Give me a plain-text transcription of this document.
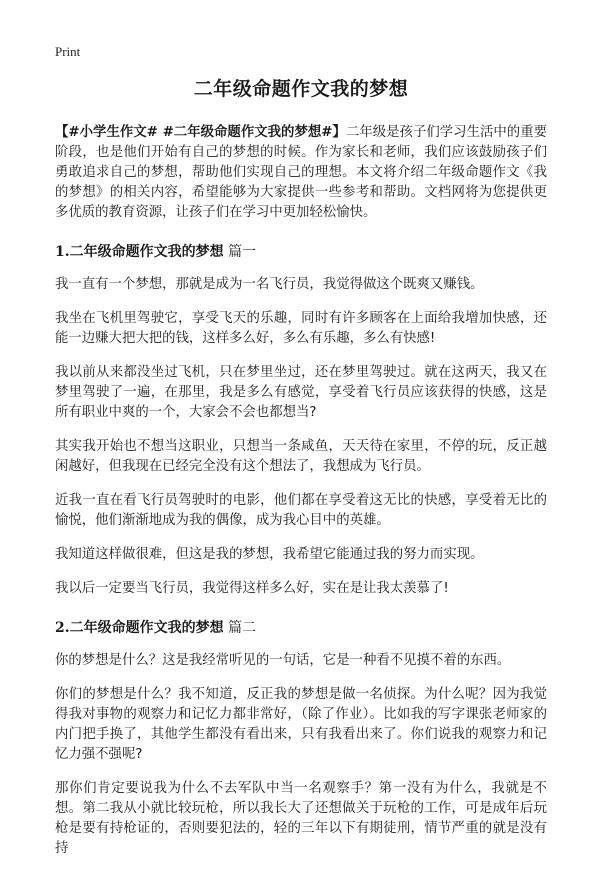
Print
二年级命题作文我的梦想

【#小学生作文# #二年级命题作文我的梦想#】二年级是孩子们学习生活中的重要阶段，也是他们开始有自己的梦想的时候。作为家长和老师，我们应该鼓励孩子们勇敢追求自己的梦想，帮助他们实现自己的理想。本文将介绍二年级命题作文《我的梦想》的相关内容，希望能够为大家提供一些参考和帮助。文档网将为您提供更多优质的教育资源，让孩子们在学习中更加轻松愉快。

1.二年级命题作文我的梦想 篇一

我一直有一个梦想，那就是成为一名飞行员，我觉得做这个既爽又赚钱。

我坐在飞机里驾驶它，享受飞天的乐趣，同时有许多顾客在上面给我增加快感，还能一边赚大把大把的钱，这样多么好，多么有乐趣，多么有快感!

我以前从来都没坐过飞机，只在梦里坐过，还在梦里驾驶过。就在这两天，我又在梦里驾驶了一遍，在那里，我是多么有感觉，享受着飞行员应该获得的快感，这是所有职业中爽的一个，大家会不会也都想当?

其实我开始也不想当这职业，只想当一条咸鱼，天天待在家里，不停的玩，反正越闲越好，但我现在已经完全没有这个想法了，我想成为飞行员。

近我一直在看飞行员驾驶时的电影，他们都在享受着这无比的快感，享受着无比的愉悦，他们渐渐地成为我的偶像，成为我心目中的英雄。

我知道这样做很难，但这是我的梦想，我希望它能通过我的努力而实现。

我以后一定要当飞行员，我觉得这样多么好，实在是让我太羡慕了!

2.二年级命题作文我的梦想 篇二

你的梦想是什么？这是我经常听见的一句话，它是一种看不见摸不着的东西。

你们的梦想是什么？我不知道，反正我的梦想是做一名侦探。为什么呢？因为我觉得我对事物的观察力和记忆力都非常好，（除了作业）。比如我的写字课张老师家的内门把手换了，其他学生都没有看出来，只有我看出来了。你们说我的观察力和记忆力强不强呢?

那你们肯定要说我为什么不去军队中当一名观察手？第一没有为什么，我就是不想。第二我从小就比较玩枪，所以我长大了还想做关于玩枪的工作，可是成年后玩枪是要有持枪证的，否则要犯法的，轻的三年以下有期徒刑，情节严重的就是没有持
